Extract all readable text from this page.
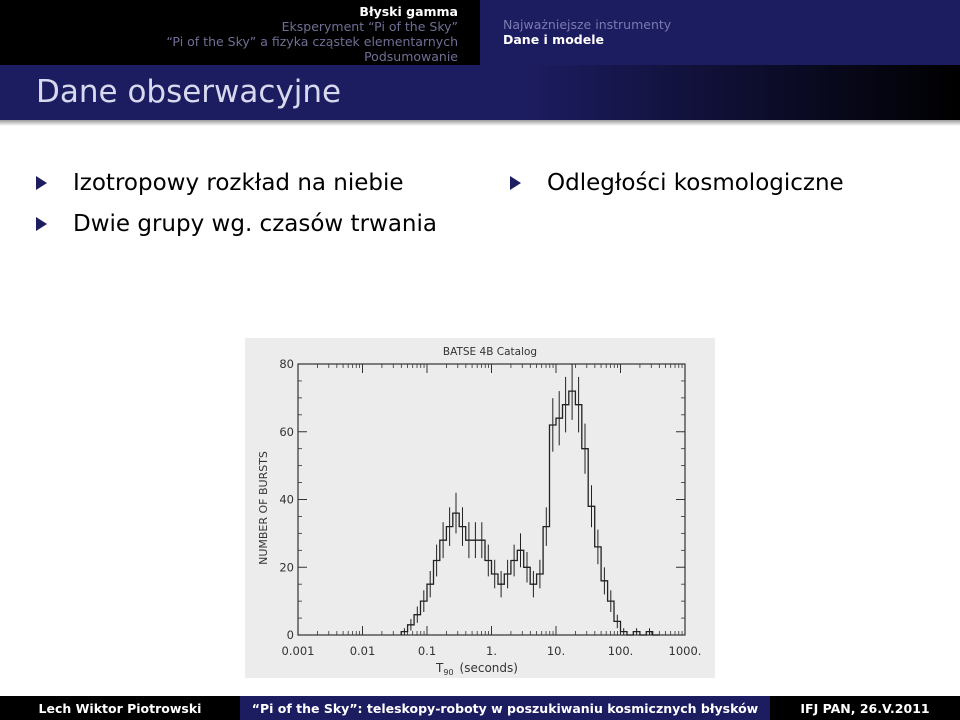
Błyski gamma
Eksperyment “Pi of the Sky”
“Pi of the Sky” a fizyka cząstek elementarnych
Podsumowanie
Najważniejsze instrumenty
Dane i modele
Dane obserwacyjne
Izotropowy rozkład na niebie
Dwie grupy wg. czasów trwania
Odległości kosmologiczne
BATSE 4B Catalog
NUMBER OF BURSTS
$T_{90}$ (seconds)
0.001	0.01	0.1	1.	10.	100.	1000.
0
20
40
60
80
Lech Wiktor Piotrowski	“Pi of the Sky”: teleskopy-roboty w poszukiwaniu kosmicznych błysków	IFJ PAN, 26.V.2011
